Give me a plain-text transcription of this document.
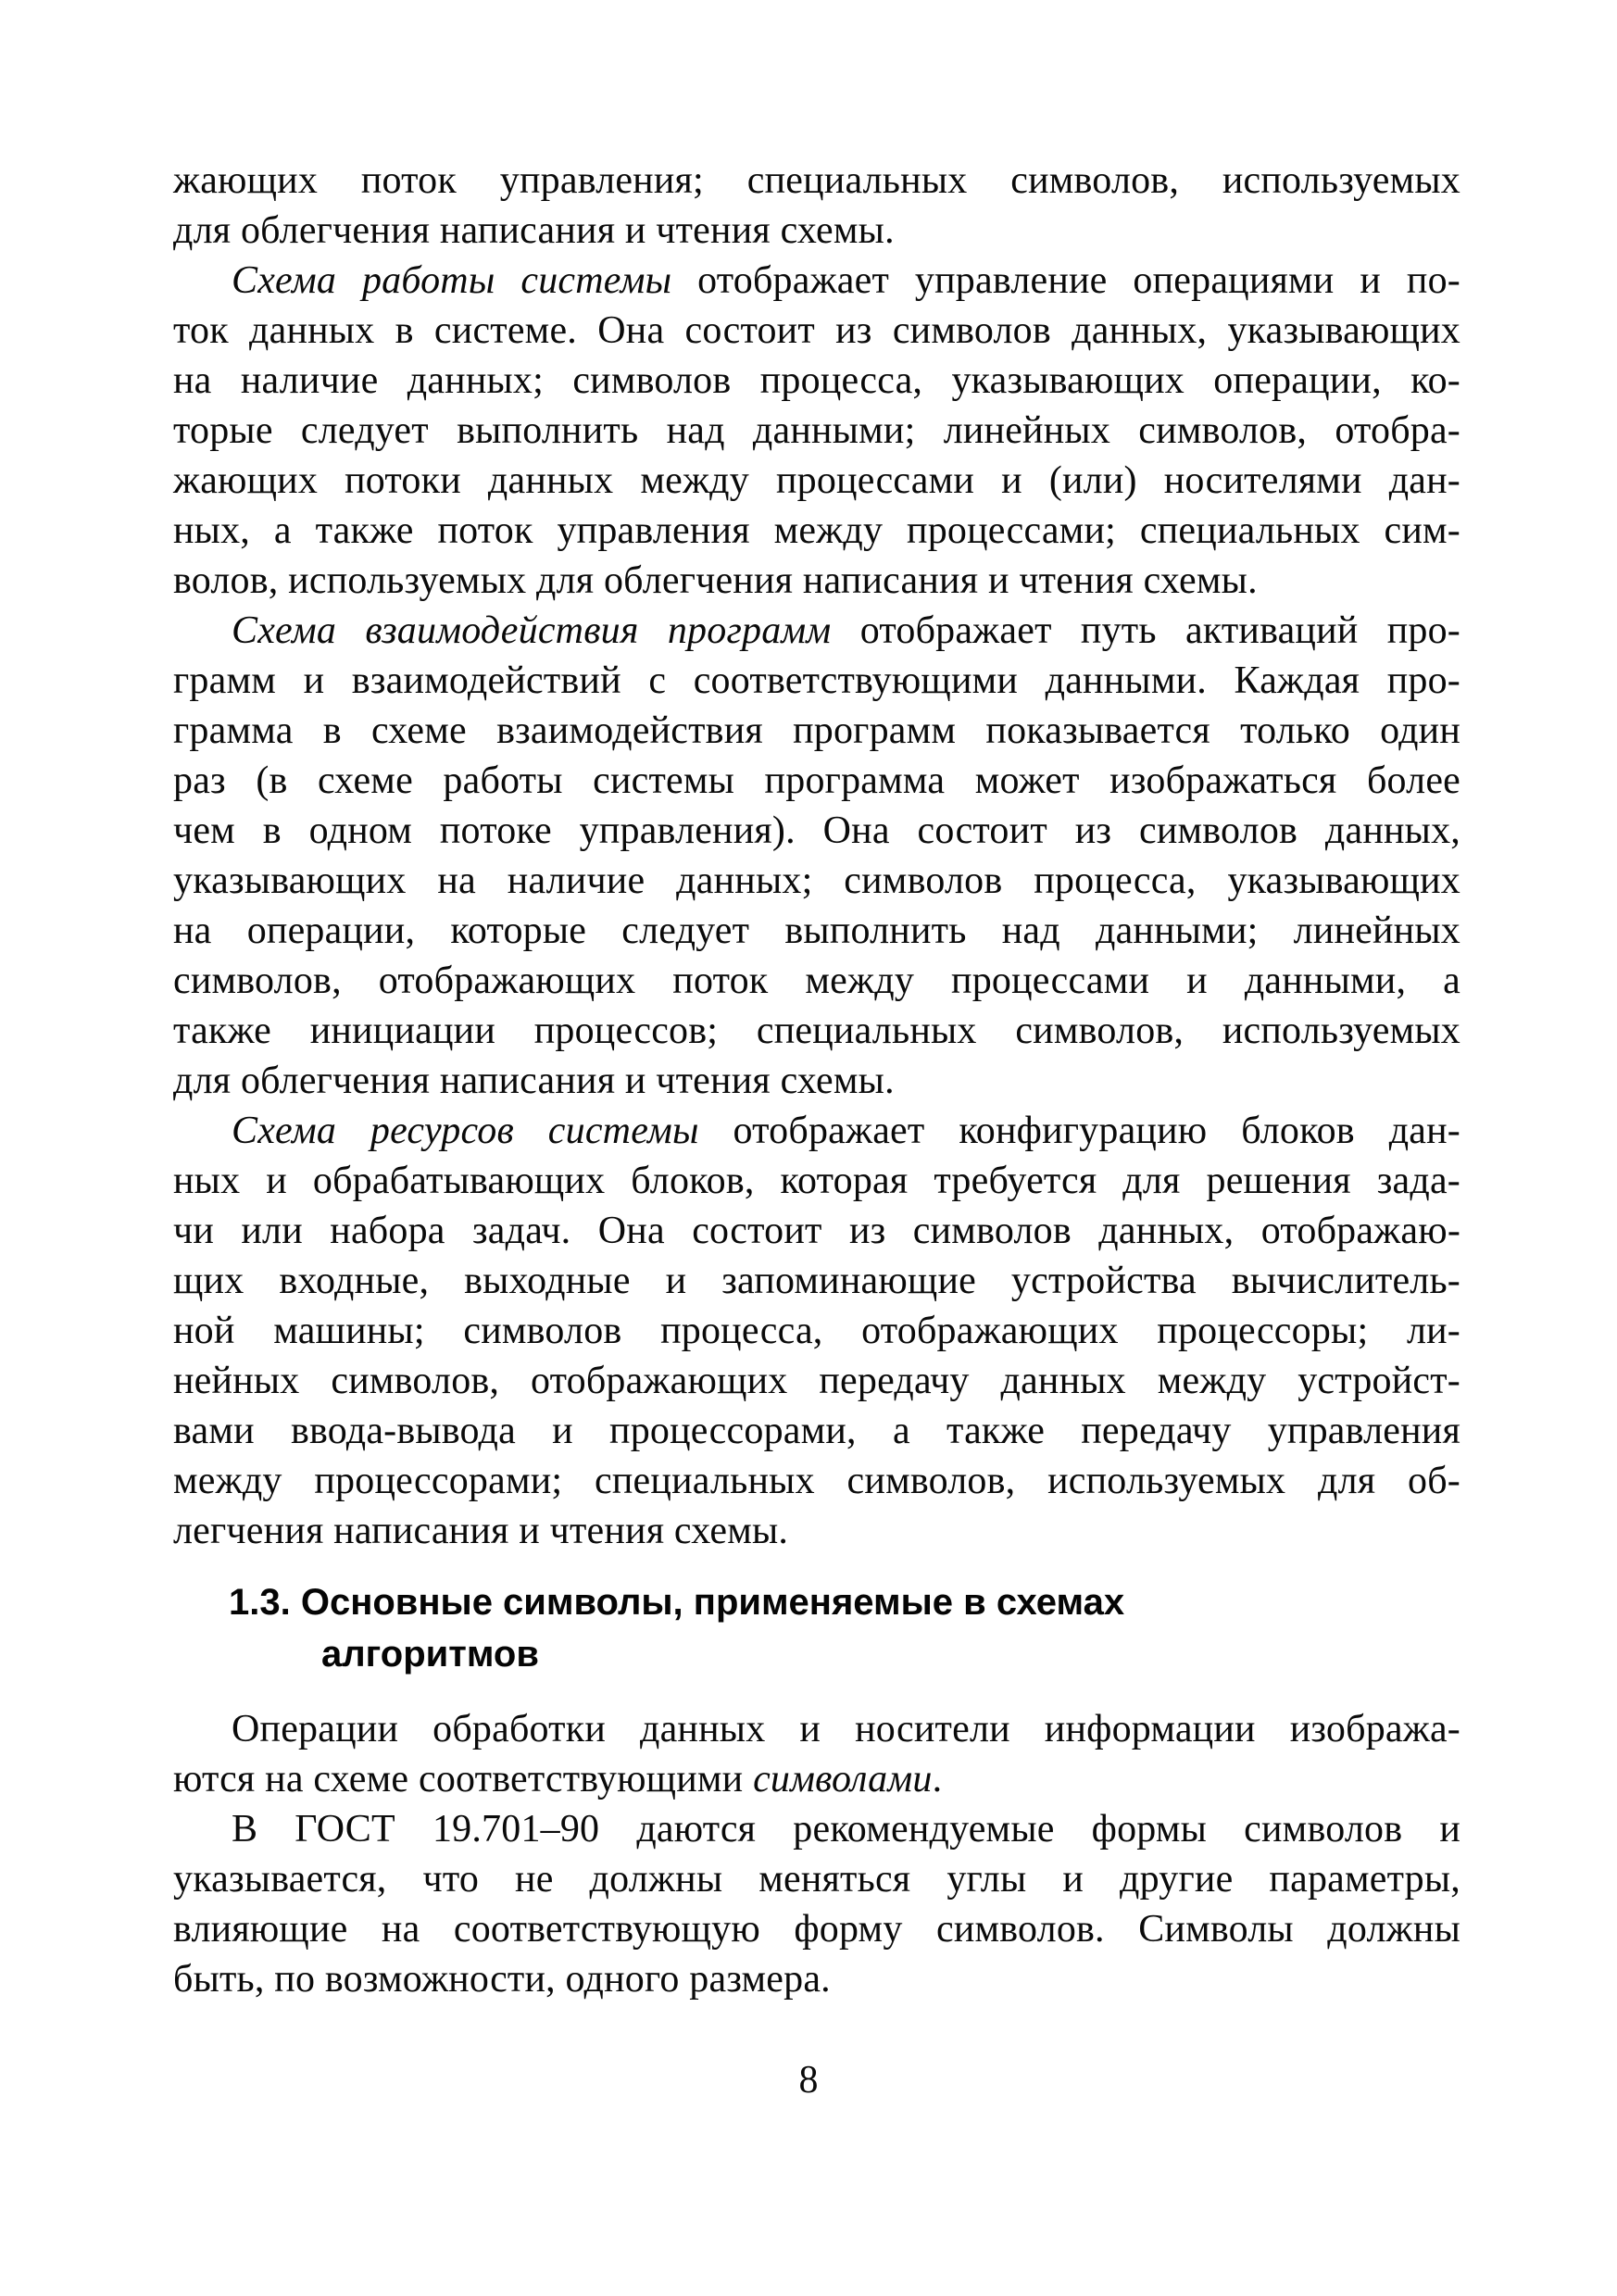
жающих поток управления; специальных символов, используемых
для облегчения написания и чтения схемы.
Схема работы системы отображает управление операциями и по-
ток данных в системе. Она состоит из символов данных, указывающих
на наличие данных; символов процесса, указывающих операции, ко-
торые следует выполнить над данными; линейных символов, отобра-
жающих потоки данных между процессами и (или) носителями дан-
ных, а также поток управления между процессами; специальных сим-
волов, используемых для облегчения написания и чтения схемы.
Схема взаимодействия программ отображает путь активаций про-
грамм и взаимодействий с соответствующими данными. Каждая про-
грамма в схеме взаимодействия программ показывается только один
раз (в схеме работы системы программа может изображаться более
чем в одном потоке управления). Она состоит из символов данных,
указывающих на наличие данных; символов процесса, указывающих
на операции, которые следует выполнить над данными; линейных
символов, отображающих поток между процессами и данными, а
также инициации процессов; специальных символов, используемых
для облегчения написания и чтения схемы.
Схема ресурсов системы отображает конфигурацию блоков дан-
ных и обрабатывающих блоков, которая требуется для решения зада-
чи или набора задач. Она состоит из символов данных, отображаю-
щих входные, выходные и запоминающие устройства вычислитель-
ной машины; символов процесса, отображающих процессоры; ли-
нейных символов, отображающих передачу данных между устройст-
вами ввода-вывода и процессорами, а также передачу управления
между процессорами; специальных символов, используемых для об-
легчения написания и чтения схемы.
1.3. Основные символы, применяемые в схемах
алгоритмов
Операции обработки данных и носители информации изобража-
ются на схеме соответствующими символами.
В ГОСТ 19.701–90 даются рекомендуемые формы символов и
указывается, что не должны меняться углы и другие параметры,
влияющие на соответствующую форму символов. Символы должны
быть, по возможности, одного размера.
8
